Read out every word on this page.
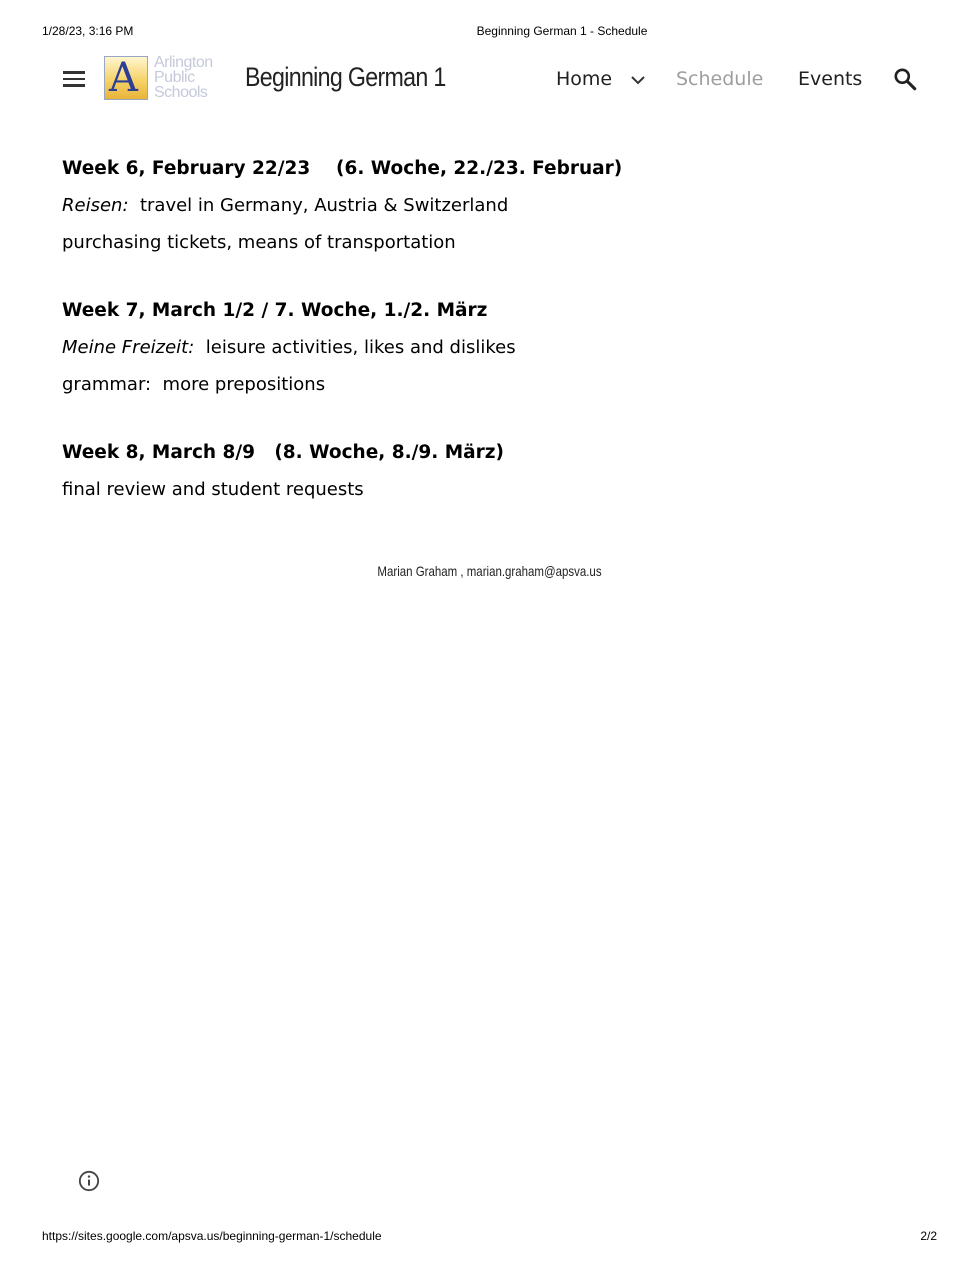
1/28/23, 3:16 PM	Beginning German 1 - Schedule
A Arlington
Public
Schools
Beginning German 1	Home	Schedule Events

Week 6, February 22/23    (6. Woche, 22./23. Februar)

Reisen:  travel in Germany, Austria & Switzerland

purchasing tickets, means of transportation

Week 7, March 1/2 / 7. Woche, 1./2. März

Meine Freizeit:  leisure activities, likes and dislikes

grammar:  more prepositions

Week 8, March 8/9   (8. Woche, 8./9. März)

final review and student requests

Marian Graham , marian.graham@apsva.us
https://sites.google.com/apsva.us/beginning-german-1/schedule	2/2
